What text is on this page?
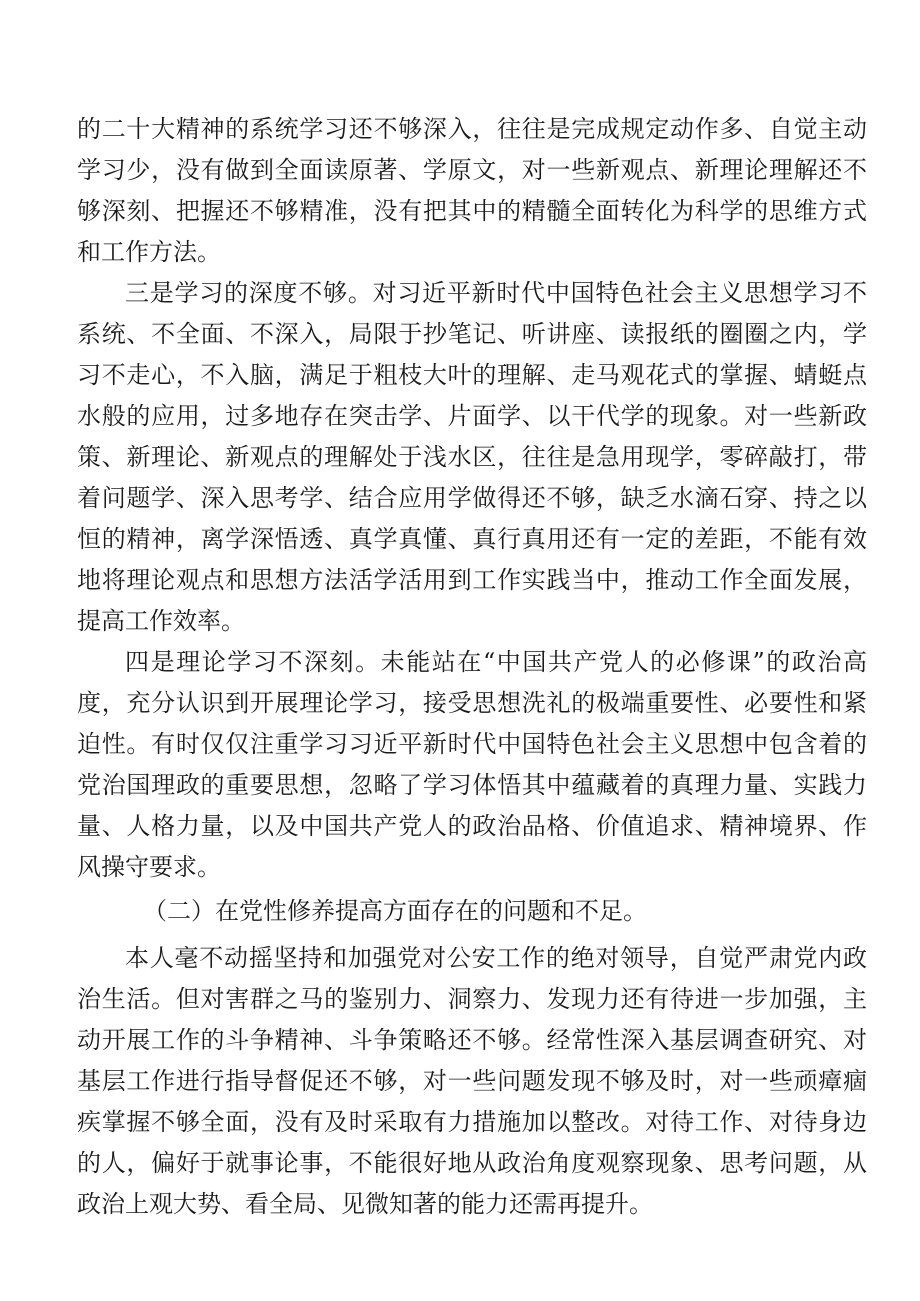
的二十大精神的系统学习还不够深入，往往是完成规定动作多、自觉主动学习少，没有做到全面读原著、学原文，对一些新观点、新理论理解还不够深刻、把握还不够精准，没有把其中的精髓全面转化为科学的思维方式和工作方法。

三是学习的深度不够。对习近平新时代中国特色社会主义思想学习不系统、不全面、不深入，局限于抄笔记、听讲座、读报纸的圈圈之内，学习不走心，不入脑，满足于粗枝大叶的理解、走马观花式的掌握、蜻蜓点水般的应用，过多地存在突击学、片面学、以干代学的现象。对一些新政策、新理论、新观点的理解处于浅水区，往往是急用现学，零碎敲打，带着问题学、深入思考学、结合应用学做得还不够，缺乏水滴石穿、持之以恒的精神，离学深悟透、真学真懂、真行真用还有一定的差距，不能有效地将理论观点和思想方法活学活用到工作实践当中，推动工作全面发展，提高工作效率。

四是理论学习不深刻。未能站在“中国共产党人的必修课”的政治高度，充分认识到开展理论学习，接受思想洗礼的极端重要性、必要性和紧迫性。有时仅仅注重学习习近平新时代中国特色社会主义思想中包含着的党治国理政的重要思想，忽略了学习体悟其中蕴藏着的真理力量、实践力量、人格力量，以及中国共产党人的政治品格、价值追求、精神境界、作风操守要求。

（二）在党性修养提高方面存在的问题和不足。

本人毫不动摇坚持和加强党对公安工作的绝对领导，自觉严肃党内政治生活。但对害群之马的鉴别力、洞察力、发现力还有待进一步加强，主动开展工作的斗争精神、斗争策略还不够。经常性深入基层调查研究、对基层工作进行指导督促还不够，对一些问题发现不够及时，对一些顽瘴痼疾掌握不够全面，没有及时采取有力措施加以整改。对待工作、对待身边的人，偏好于就事论事，不能很好地从政治角度观察现象、思考问题，从政治上观大势、看全局、见微知著的能力还需再提升。
